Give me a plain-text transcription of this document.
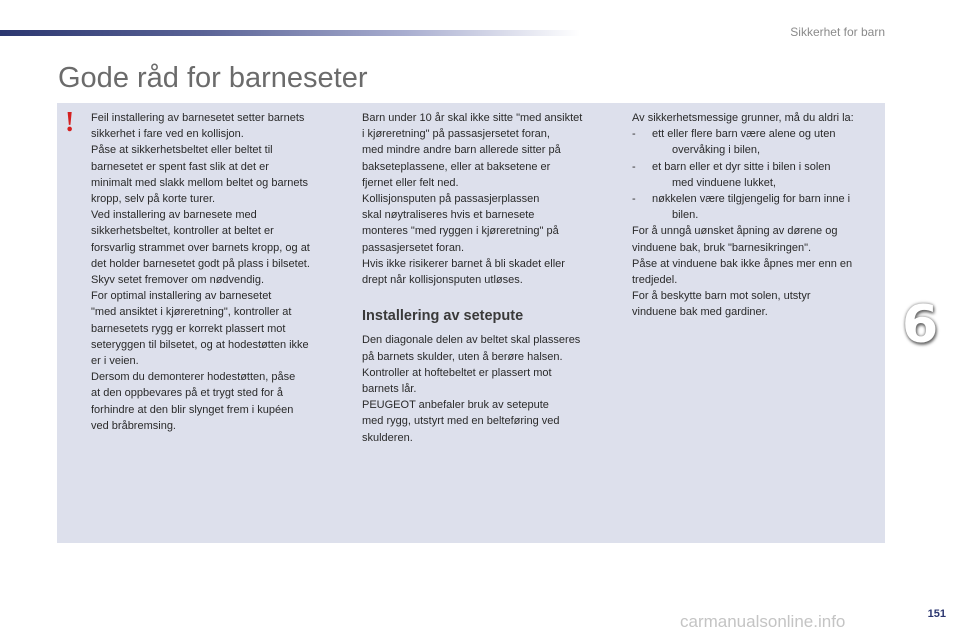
Sikkerhet for barn
Gode råd for barneseter
! Feil installering av barnesetet setter barnets

sikkerhet i fare ved en kollisjon.

Påse at sikkerhetsbeltet eller beltet til

barnesetet er spent fast slik at det er

minimalt med slakk mellom beltet og barnets

kropp, selv på korte turer.

Ved installering av barnesete med

sikkerhetsbeltet, kontroller at beltet er

forsvarlig strammet over barnets kropp, og at

det holder barnesetet godt på plass i bilsetet.

Skyv setet fremover om nødvendig.

For optimal installering av barnesetet

"med ansiktet i kjøreretning", kontroller at

barnesetets rygg er korrekt plassert mot

seteryggen til bilsetet, og at hodestøtten ikke

er i veien.

Dersom du demonterer hodestøtten, påse

at den oppbevares på et trygt sted for å

forhindre at den blir slynget frem i kupéen

ved bråbremsing.

Barn under 10 år skal ikke sitte "med ansiktet

i kjøreretning" på passasjersetet foran,

med mindre andre barn allerede sitter på

bakseteplassene, eller at baksetene er

fjernet eller felt ned.

Kollisjonsputen på passasjerplassen

skal nøytraliseres hvis et barnesete

monteres "med ryggen i kjøreretning" på

passasjersetet foran.

Hvis ikke risikerer barnet å bli skadet eller

drept når kollisjonsputen utløses.

Installering av setepute

Den diagonale delen av beltet skal plasseres

på barnets skulder, uten å berøre halsen.

Kontroller at hoftebeltet er plassert mot

barnets lår.

PEUGEOT anbefaler bruk av setepute

med rygg, utstyrt med en belteføring ved

skulderen.

Av sikkerhetsmessige grunner, må du aldri la:

- ett eller flere barn være alene og uten

overvåking i bilen,

- et barn eller et dyr sitte i bilen i solen

med vinduene lukket,

- nøkkelen være tilgjengelig for barn inne i

bilen.

For å unngå uønsket åpning av dørene og

vinduene bak, bruk "barnesikringen".

Påse at vinduene bak ikke åpnes mer enn en

tredjedel.

For å beskytte barn mot solen, utstyr

vinduene bak med gardiner.	6
carmanualsonline.info	151
